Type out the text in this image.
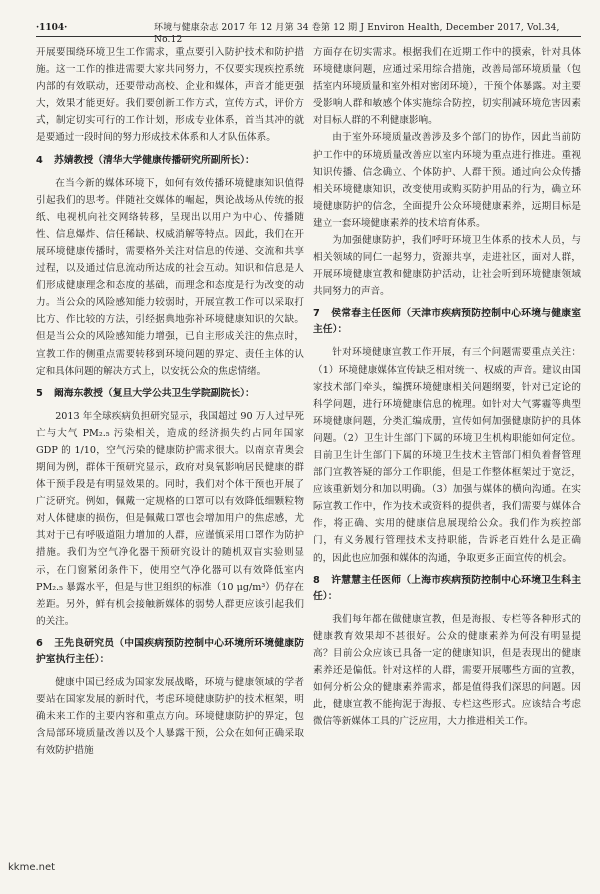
·1104·	环境与健康杂志 2017 年 12 月第 34 卷第 12 期 J Environ Health, December 2017, Vol.34, No.12

开展要围绕环境卫生工作需求，重点要引入防护技术和防护措施。这一工作的推进需要大家共同努力，不仅要实现疾控系统内部的有效联动，还要带动高校、企业和媒体，声音才能更强大，效果才能更好。我们要创新工作方式，宣传方式，评价方式，制定切实可行的工作计划，形成专业体系，首当其冲的就是要通过一段时间的努力形成技术体系和人才队伍体系。

4 苏婧教授（清华大学健康传播研究所副所长）：

在当今新的媒体环境下，如何有效传播环境健康知识值得引起我们的思考。伴随社交媒体的崛起，舆论战场从传统的报纸、电视机向社交网络转移，呈现出以用户为中心、传播随性、信息爆炸、信任稀缺、权威消解等特点。因此，我们在开展环境健康传播时，需要格外关注对信息的传递、交流和共享过程，以及通过信息流动所达成的社会互动。知识和信息是人们形成健康理念和态度的基础，而理念和态度是行为改变的动力。当公众的风险感知能力较弱时，开展宣教工作可以采取打比方、作比较的方法，引经据典地弥补环境健康知识的欠缺。但是当公众的风险感知能力增强，已自主形成关注的焦点时，宣教工作的侧重点需要转移到环境问题的界定、责任主体的认定和具体问题的解决方式上，以安抚公众的焦虑情绪。

5 阚海东教授（复旦大学公共卫生学院副院长）：

2013 年全球疾病负担研究显示，我国超过 90 万人过早死亡与大气 PM₂.₅ 污染相关，造成的经济损失约占同年国家 GDP 的 1/10，空气污染的健康防护需求很大。以南京青奥会期间为例，群体干预研究显示，政府对臭氧影响居民健康的群体干预手段是有明显效果的。同时，我们对个体干预也开展了广泛研究。例如，佩戴一定规格的口罩可以有效降低细颗粒物对人体健康的损伤，但是佩戴口罩也会增加用户的焦虑感，尤其对于已有呼吸道阻力增加的人群，应谨慎采用口罩作为防护措施。我们为空气净化器干预研究设计的随机双盲实验则显示，在门窗紧闭条件下，使用空气净化器可以有效降低室内 PM₂.₅ 暴露水平，但是与世卫组织的标准（10 μg/m³）仍存在差距。另外，鲜有机会接触新媒体的弱势人群更应该引起我们的关注。

6 王先良研究员（中国疾病预防控制中心环境所环境健康防护室执行主任）：

健康中国已经成为国家发展战略，环境与健康领域的学者要站在国家发展的新时代，考虑环境健康防护的技术框架，明确未来工作的主要内容和重点方向。环境健康防护的界定，包含局部环境质量改善以及个人暴露干预，公众在如何正确采取有效防护措施

方面存在切实需求。根据我们在近期工作中的摸索，针对具体环境健康问题，应通过采用综合措施，改善局部环境质量（包括室内环境质量和室外相对密闭环境），干预个体暴露。对主要受影响人群和敏感个体实施综合防控，切实削减环境危害因素对目标人群的不利健康影响。

由于室外环境质量改善涉及多个部门的协作，因此当前防护工作中的环境质量改善应以室内环境为重点进行推进。重视知识传播、信念确立、个体防护、人群干预。通过向公众传播相关环境健康知识，改变使用或购买防护用品的行为，确立环境健康防护的信念，全面提升公众环境健康素养，远期目标是建立一套环境健康素养的技术培育体系。

为加强健康防护，我们呼吁环境卫生体系的技术人员，与相关领域的同仁一起努力，资源共享，走进社区，面对人群，开展环境健康宣教和健康防护活动，让社会听到环境健康领域共同努力的声音。

7 侯常春主任医师（天津市疾病预防控制中心环境与健康室主任）：

针对环境健康宣教工作开展，有三个问题需要重点关注：（1）环境健康媒体宣传缺乏相对统一、权威的声音。建议由国家技术部门牵头，编撰环境健康相关问题纲要，针对已定论的科学问题，进行环境健康信息的梳理。如针对大气雾霾等典型环境健康问题，分类汇编成册，宣传如何加强健康防护的具体问题。（2）卫生计生部门下属的环境卫生机构职能如何定位。目前卫生计生部门下属的环境卫生技术主管部门相负着督管理部门宣教答疑的部分工作职能，但是工作整体框架过于宽泛，应该重新划分和加以明确。（3）加强与媒体的横向沟通。在实际宣教工作中，作为技术或资料的提供者，我们需要与媒体合作，将正确、实用的健康信息展现给公众。我们作为疾控部门，有义务履行管理技术支持职能，告诉老百姓什么是正确的，因此也应加强和媒体的沟通，争取更多正面宣传的机会。

8 许慧慧主任医师（上海市疾病预防控制中心环境卫生科主任）：

我们每年都在做健康宣教，但是海报、专栏等各种形式的健康教育效果却不甚很好。公众的健康素养为何没有明显提高？目前公众应该已具备一定的健康知识，但是表现出的健康素养还是偏低。针对这样的人群，需要开展哪些方面的宣教，如何分析公众的健康素养需求，都是值得我们深思的问题。因此，健康宣教不能拘泥于海报、专栏这些形式。应该结合考虑微信等新媒体工具的广泛应用，大力推进相关工作。

kkme.net
